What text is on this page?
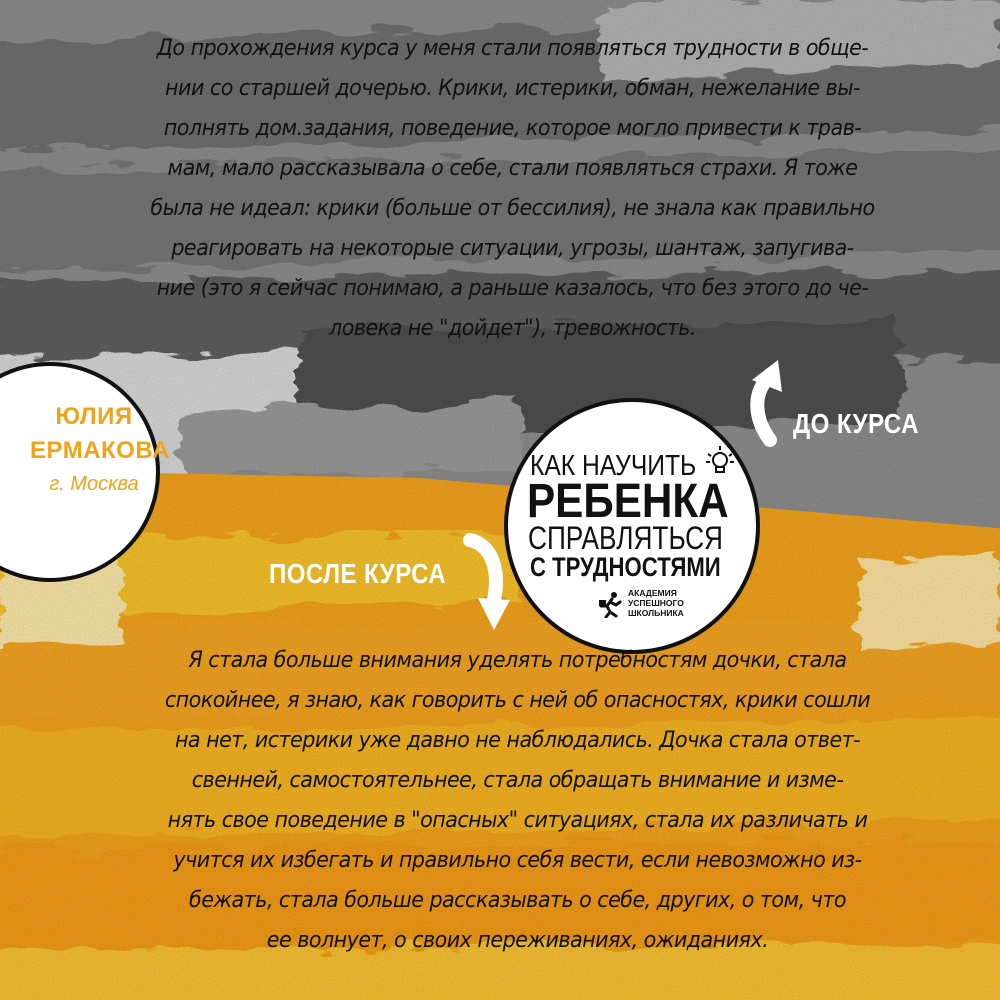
До прохождения курса у меня стали появляться трудности в обще-
нии со старшей дочерью. Крики, истерики, обман, нежелание вы-
полнять дом.задания, поведение, которое могло привести к трав-
мам, мало рассказывала о себе, стали появляться страхи. Я тоже
была не идеал: крики (больше от бессилия), не знала как правильно
реагировать на некоторые ситуации, угрозы, шантаж, запугива-
ние (это я сейчас понимаю, а раньше казалось, что без этого до че-
ловека не "дойдет"), тревожность.
ДО КУРСА
ПОСЛЕ КУРСА
ЮЛИЯ
ЕРМАКОВА
г. Москва
КАК НАУЧИТЬ
РЕБЕНКА
СПРАВЛЯТЬСЯ
С ТРУДНОСТЯМИ
АКАДЕМИЯ
УСПЕШНОГО
ШКОЛЬНИКА
Я стала больше внимания уделять потребностям дочки, стала
спокойнее, я знаю, как говорить с ней об опасностях, крики сошли
на нет, истерики уже давно не наблюдались. Дочка стала ответ-
свенней, самостоятельнее, стала обращать внимание и изме-
нять свое поведение в "опасных" ситуациях, стала их различать и
учится их избегать и правильно себя вести, если невозможно из-
бежать, стала больше рассказывать о себе, других, о том, что
ее волнует, о своих переживаниях, ожиданиях.
